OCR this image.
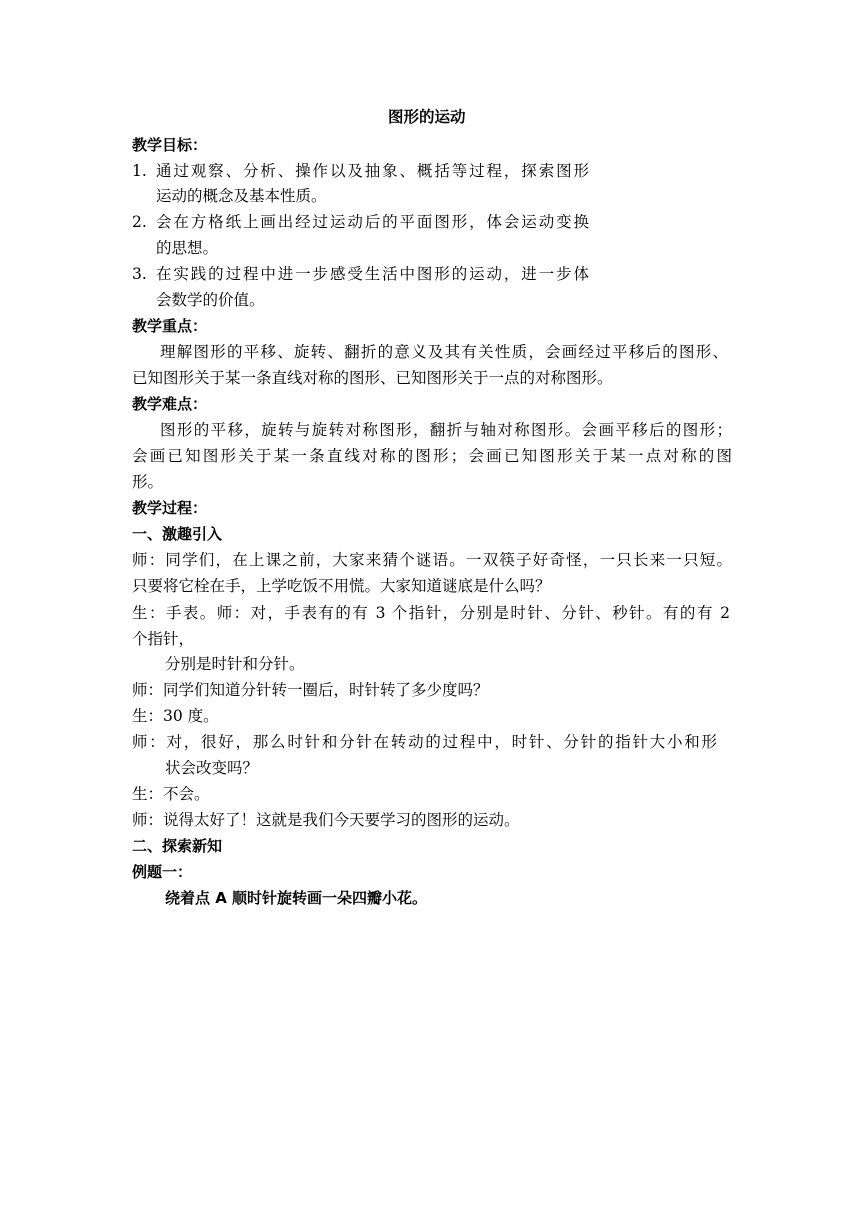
图形的运动
教学目标：
1. 通过观察、分析、操作以及抽象、概括等过程，探索图形
运动的概念及基本性质。
2. 会在方格纸上画出经过运动后的平面图形，体会运动变换
的思想。
3. 在实践的过程中进一步感受生活中图形的运动，进一步体
会数学的价值。
教学重点：
理解图形的平移、旋转、翻折的意义及其有关性质，会画经过平移后的图形、
已知图形关于某一条直线对称的图形、已知图形关于一点的对称图形。
教学难点：
图形的平移，旋转与旋转对称图形，翻折与轴对称图形。会画平移后的图形；
会画已知图形关于某一条直线对称的图形；会画已知图形关于某一点对称的图
形。
教学过程：
一、激趣引入
师：同学们，在上课之前，大家来猜个谜语。一双筷子好奇怪，一只长来一只短。
只要将它栓在手，上学吃饭不用慌。大家知道谜底是什么吗？
生：手表。师：对，手表有的有 3 个指针，分别是时针、分针、秒针。有的有 2
个指针，
分别是时针和分针。
师：同学们知道分针转一圈后，时针转了多少度吗？
生：30 度。
师：对，很好，那么时针和分针在转动的过程中，时针、分针的指针大小和形
状会改变吗？
生：不会。
师：说得太好了！这就是我们今天要学习的图形的运动。
二、探索新知
例题一：
绕着点 A 顺时针旋转画一朵四瓣小花。
